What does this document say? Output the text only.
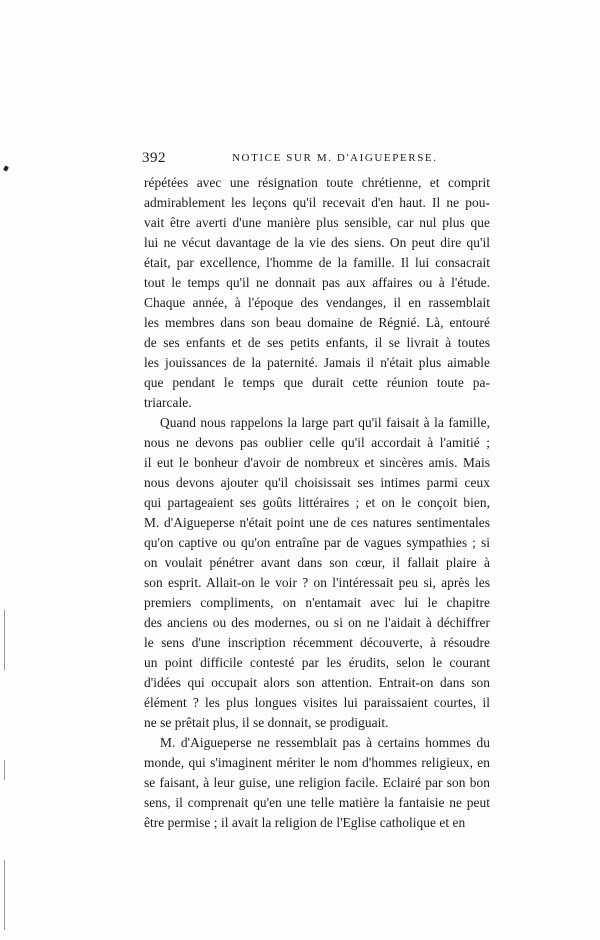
392	NOTICE SUR M. D'AIGUEPERSE.
répétées avec une résignation toute chrétienne, et comprit
admirablement les leçons qu'il recevait d'en haut. Il ne pou-
vait être averti d'une manière plus sensible, car nul plus que
lui ne vécut davantage de la vie des siens. On peut dire qu'il
était, par excellence, l'homme de la famille. Il lui consacrait
tout le temps qu'il ne donnait pas aux affaires ou à l'étude.
Chaque année, à l'époque des vendanges, il en rassemblait
les membres dans son beau domaine de Régnié. Là, entouré
de ses enfants et de ses petits enfants, il se livrait à toutes
les jouissances de la paternité. Jamais il n'était plus aimable
que pendant le temps que durait cette réunion toute pa-
triarcale.
Quand nous rappelons la large part qu'il faisait à la famille,
nous ne devons pas oublier celle qu'il accordait à l'amitié ;
il eut le bonheur d'avoir de nombreux et sincères amis. Mais
nous devons ajouter qu'il choisissait ses intimes parmi ceux
qui partageaient ses goûts littéraires ; et on le conçoit bien,
M. d'Aigueperse n'était point une de ces natures sentimentales
qu'on captive ou qu'on entraîne par de vagues sympathies ; si
on voulait pénétrer avant dans son cœur, il fallait plaire à
son esprit. Allait-on le voir ? on l'intéressait peu si, après les
premiers compliments, on n'entamait avec lui le chapitre
des anciens ou des modernes, ou si on ne l'aidait à déchiffrer
le sens d'une inscription récemment découverte, à résoudre
un point difficile contesté par les érudits, selon le courant
d'idées qui occupait alors son attention. Entrait-on dans son
élément ? les plus longues visites lui paraissaient courtes, il
ne se prêtait plus, il se donnait, se prodiguait.
M. d'Aigueperse ne ressemblait pas à certains hommes du
monde, qui s'imaginent mériter le nom d'hommes religieux, en
se faisant, à leur guise, une religion facile. Eclairé par son bon
sens, il comprenait qu'en une telle matière la fantaisie ne peut
être permise ; il avait la religion de l'Eglise catholique et en
